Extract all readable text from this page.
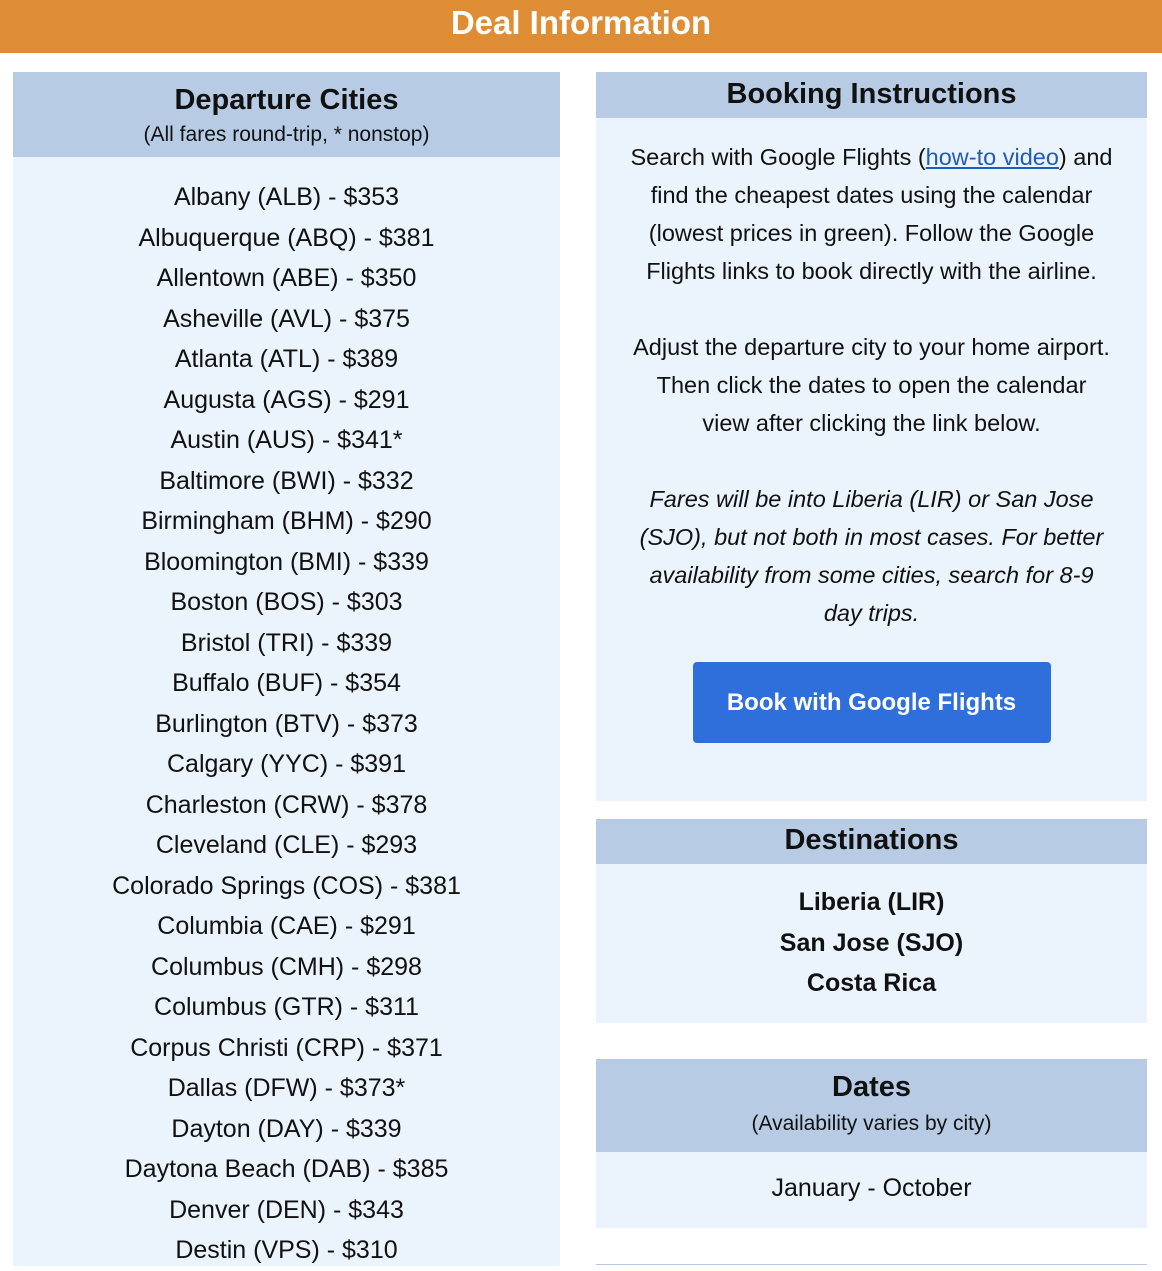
Deal Information
Departure Cities
(All fares round-trip, * nonstop)
Albany (ALB) - $353
Albuquerque (ABQ) - $381
Allentown (ABE) - $350
Asheville (AVL) - $375
Atlanta (ATL) - $389
Augusta (AGS) - $291
Austin (AUS) - $341*
Baltimore (BWI) - $332
Birmingham (BHM) - $290
Bloomington (BMI) - $339
Boston (BOS) - $303
Bristol (TRI) - $339
Buffalo (BUF) - $354
Burlington (BTV) - $373
Calgary (YYC) - $391
Charleston (CRW) - $378
Cleveland (CLE) - $293
Colorado Springs (COS) - $381
Columbia (CAE) - $291
Columbus (CMH) - $298
Columbus (GTR) - $311
Corpus Christi (CRP) - $371
Dallas (DFW) - $373*
Dayton (DAY) - $339
Daytona Beach (DAB) - $385
Denver (DEN) - $343
Destin (VPS) - $310
Booking Instructions

Search with Google Flights (how-to video) and find the cheapest dates using the calendar (lowest prices in green). Follow the Google Flights links to book directly with the airline.

Adjust the departure city to your home airport. Then click the dates to open the calendar view after clicking the link below.

Fares will be into Liberia (LIR) or San Jose (SJO), but not both in most cases. For better availability from some cities, search for 8-9 day trips.

Book with Google Flights
Destinations
Liberia (LIR)
San Jose (SJO)
Costa Rica
Dates
(Availability varies by city)
January - October
